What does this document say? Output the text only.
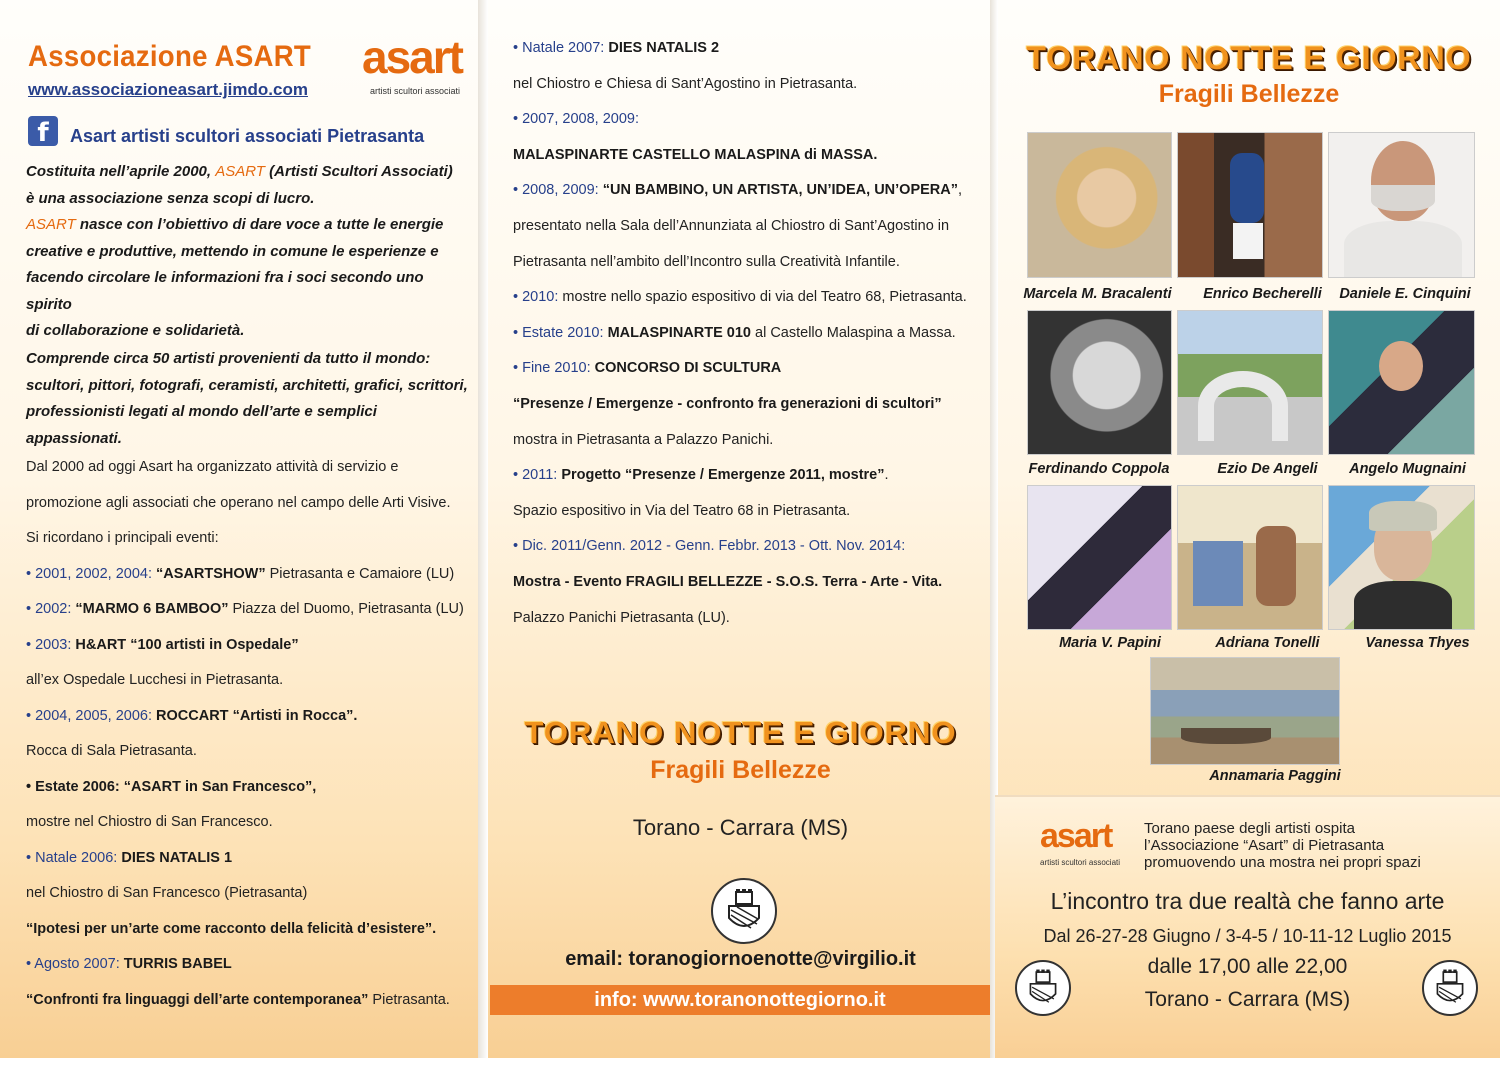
Associazione ASART
www.associazioneasart.jimdo.com
asart
artisti scultori associati
f	Asart artisti scultori associati Pietrasanta
Costituita nell’aprile 2000, ASART (Artisti Scultori Associati)
è una associazione senza scopi di lucro.
ASART nasce con l’obiettivo di dare voce a tutte le energie
creative e produttive, mettendo in comune le esperienze e
facendo circolare le informazioni fra i soci secondo uno spirito
di collaborazione e solidarietà.
Comprende circa 50 artisti provenienti da tutto il mondo:
scultori, pittori, fotografi, ceramisti, architetti, grafici, scrittori,
professionisti legati al mondo dell’arte e semplici appassionati.
Dal 2000 ad oggi Asart ha organizzato attività di servizio e
promozione agli associati che operano nel campo delle Arti Visive.
Si ricordano i principali eventi:
• 2001, 2002, 2004: “ASARTSHOW” Pietrasanta e Camaiore (LU)
• 2002: “MARMO 6 BAMBOO” Piazza del Duomo, Pietrasanta (LU)
• 2003: H&ART “100 artisti in Ospedale”
all’ex Ospedale Lucchesi in Pietrasanta.
• 2004, 2005, 2006: ROCCART “Artisti in Rocca”.
Rocca di Sala Pietrasanta.
• Estate 2006: “ASART in San Francesco”,
mostre nel Chiostro di San Francesco.
• Natale 2006: DIES NATALIS 1
nel Chiostro di San Francesco (Pietrasanta)
“Ipotesi per un’arte come racconto della felicità d’esistere”.
• Agosto 2007: TURRIS BABEL
“Confronti fra linguaggi dell’arte contemporanea” Pietrasanta.
• Natale 2007: DIES NATALIS 2
nel Chiostro e Chiesa di Sant’Agostino in Pietrasanta.
• 2007, 2008, 2009:
MALASPINARTE CASTELLO MALASPINA di MASSA.
• 2008, 2009: “UN BAMBINO, UN ARTISTA, UN’IDEA, UN’OPERA”,
presentato nella Sala dell’Annunziata al Chiostro di Sant’Agostino in
Pietrasanta nell’ambito dell’Incontro sulla Creatività Infantile.
• 2010: mostre nello spazio espositivo di via del Teatro 68, Pietrasanta.
• Estate 2010: MALASPINARTE 010 al Castello Malaspina a Massa.
• Fine 2010: CONCORSO DI SCULTURA
“Presenze / Emergenze - confronto fra generazioni di scultori”
mostra in Pietrasanta a Palazzo Panichi.
• 2011: Progetto “Presenze / Emergenze 2011, mostre”.
Spazio espositivo in Via del Teatro 68 in Pietrasanta.
• Dic. 2011/Genn. 2012 - Genn. Febbr. 2013 - Ott. Nov. 2014:
Mostra - Evento FRAGILI BELLEZZE - S.O.S. Terra - Arte - Vita.
Palazzo Panichi Pietrasanta (LU).
TORANO NOTTE E GIORNO
Fragili Bellezze
Torano - Carrara (MS)
email: toranogiornoenotte@virgilio.it
info: www.toranonottegiorno.it
TORANO NOTTE E GIORNO
Fragili Bellezze
Marcela M. Bracalenti	Enrico Becherelli	Daniele E. Cinquini
Ferdinando Coppola	Ezio De Angeli	Angelo Mugnaini
Maria V. Papini	Adriana Tonelli	Vanessa Thyes
Annamaria Paggini
asart
artisti scultori associati
Torano paese degli artisti ospita
l’Associazione “Asart” di Pietrasanta
promuovendo una mostra nei propri spazi
L’incontro tra due realtà che fanno arte
Dal 26-27-28 Giugno / 3-4-5 / 10-11-12 Luglio 2015
dalle 17,00 alle 22,00
Torano - Carrara (MS)
